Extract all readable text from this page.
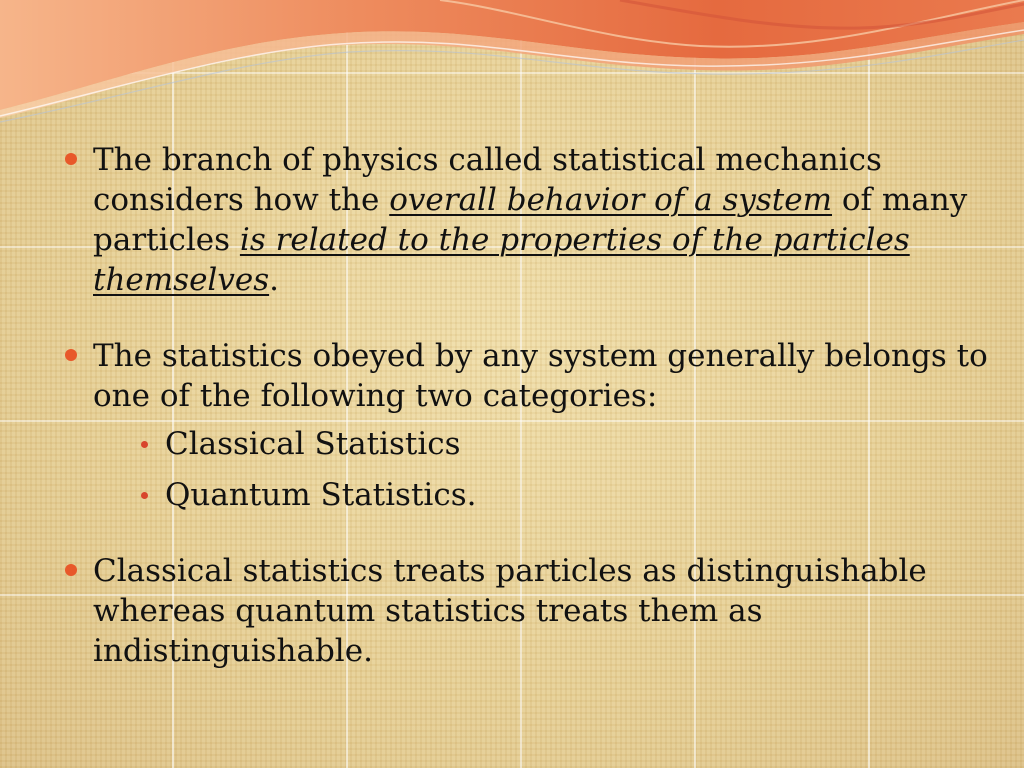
The branch of physics called statistical mechanics considers how the overall behavior of a system of many particles is related to the properties of the particles themselves.
The statistics obeyed by any system generally belongs to one of the following two categories:
Classical Statistics
Quantum Statistics.
Classical statistics treats particles as distinguishable whereas quantum statistics treats them as indistinguishable.
